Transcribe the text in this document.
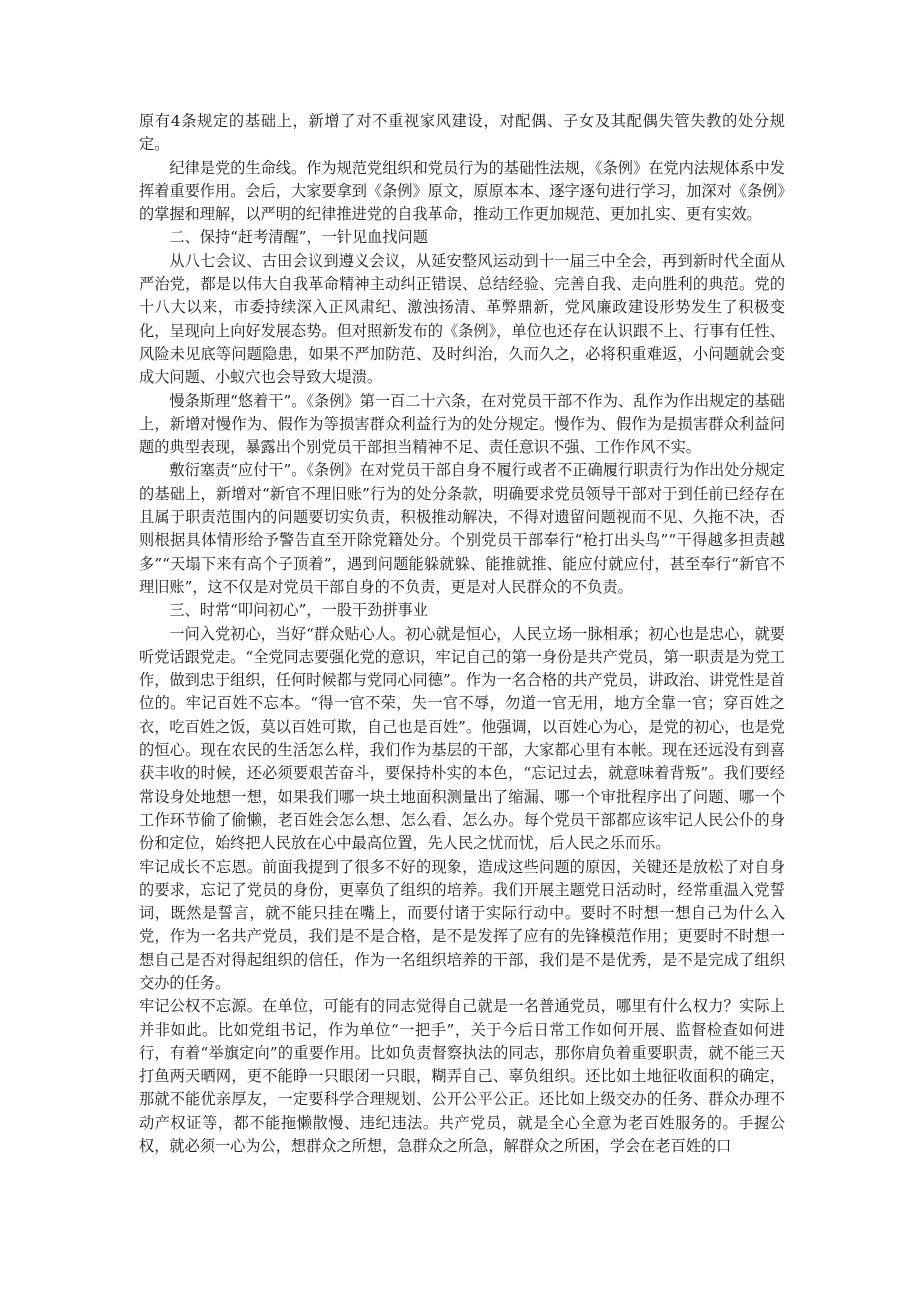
原有4条规定的基础上，新增了对不重视家风建设，对配偶、子女及其配偶失管失教的处分规定。

纪律是党的生命线。作为规范党组织和党员行为的基础性法规，《条例》在党内法规体系中发挥着重要作用。会后，大家要拿到《条例》原文，原原本本、逐字逐句进行学习，加深对《条例》的掌握和理解，以严明的纪律推进党的自我革命，推动工作更加规范、更加扎实、更有实效。

二、保持“赶考清醒”，一针见血找问题

从八七会议、古田会议到遵义会议，从延安整风运动到十一届三中全会，再到新时代全面从严治党，都是以伟大自我革命精神主动纠正错误、总结经验、完善自我、走向胜利的典范。党的十八大以来，市委持续深入正风肃纪、激浊扬清、革弊鼎新，党风廉政建设形势发生了积极变化，呈现向上向好发展态势。但对照新发布的《条例》，单位也还存在认识跟不上、行事有任性、风险未见底等问题隐患，如果不严加防范、及时纠治，久而久之，必将积重难返，小问题就会变成大问题、小蚁穴也会导致大堤溃。

慢条斯理“悠着干”。《条例》第一百二十六条，在对党员干部不作为、乱作为作出规定的基础上，新增对慢作为、假作为等损害群众利益行为的处分规定。慢作为、假作为是损害群众利益问题的典型表现，暴露出个别党员干部担当精神不足、责任意识不强、工作作风不实。

敷衍塞责“应付干”。《条例》在对党员干部自身不履行或者不正确履行职责行为作出处分规定的基础上，新增对“新官不理旧账”行为的处分条款，明确要求党员领导干部对于到任前已经存在且属于职责范围内的问题要切实负责，积极推动解决，不得对遗留问题视而不见、久拖不决，否则根据具体情形给予警告直至开除党籍处分。个别党员干部奉行“枪打出头鸟”“干得越多担责越多”“天塌下来有高个子顶着”，遇到问题能躲就躲、能推就推、能应付就应付，甚至奉行“新官不理旧账”，这不仅是对党员干部自身的不负责，更是对人民群众的不负责。

三、时常“叩问初心”，一股干劲拼事业

一问入党初心，当好“群众贴心人。初心就是恒心，人民立场一脉相承；初心也是忠心，就要听党话跟党走。“全党同志要强化党的意识，牢记自己的第一身份是共产党员，第一职责是为党工作，做到忠于组织，任何时候都与党同心同德”。作为一名合格的共产党员，讲政治、讲党性是首位的。牢记百姓不忘本。“得一官不荣，失一官不辱，勿道一官无用，地方全靠一官；穿百姓之衣，吃百姓之饭，莫以百姓可欺，自己也是百姓”。他强调，以百姓心为心，是党的初心，也是党的恒心。现在农民的生活怎么样，我们作为基层的干部，大家都心里有本帐。现在还远没有到喜获丰收的时候，还必须要艰苦奋斗，要保持朴实的本色，“忘记过去，就意味着背叛”。我们要经常设身处地想一想，如果我们哪一块土地面积测量出了缩漏、哪一个审批程序出了问题、哪一个工作环节偷了偷懒，老百姓会怎么想、怎么看、怎么办。每个党员干部都应该牢记人民公仆的身份和定位，始终把人民放在心中最高位置，先人民之忧而忧，后人民之乐而乐。

牢记成长不忘恩。前面我提到了很多不好的现象，造成这些问题的原因，关键还是放松了对自身的要求，忘记了党员的身份，更辜负了组织的培养。我们开展主题党日活动时，经常重温入党誓词，既然是誓言，就不能只挂在嘴上，而要付诸于实际行动中。要时不时想一想自己为什么入党，作为一名共产党员，我们是不是合格，是不是发挥了应有的先锋模范作用；更要时不时想一想自己是否对得起组织的信任，作为一名组织培养的干部，我们是不是优秀，是不是完成了组织交办的任务。

牢记公权不忘源。在单位，可能有的同志觉得自己就是一名普通党员，哪里有什么权力？实际上并非如此。比如党组书记，作为单位“一把手”，关于今后日常工作如何开展、监督检查如何进行，有着“举旗定向”的重要作用。比如负责督察执法的同志，那你肩负着重要职责，就不能三天打鱼两天晒网，更不能睁一只眼闭一只眼，糊弄自己、辜负组织。还比如土地征收面积的确定，那就不能优亲厚友，一定要科学合理规划、公开公平公正。还比如上级交办的任务、群众办理不动产权证等，都不能拖懒散慢、违纪违法。共产党员，就是全心全意为老百姓服务的。手握公权，就必须一心为公，想群众之所想，急群众之所急，解群众之所困，学会在老百姓的口
